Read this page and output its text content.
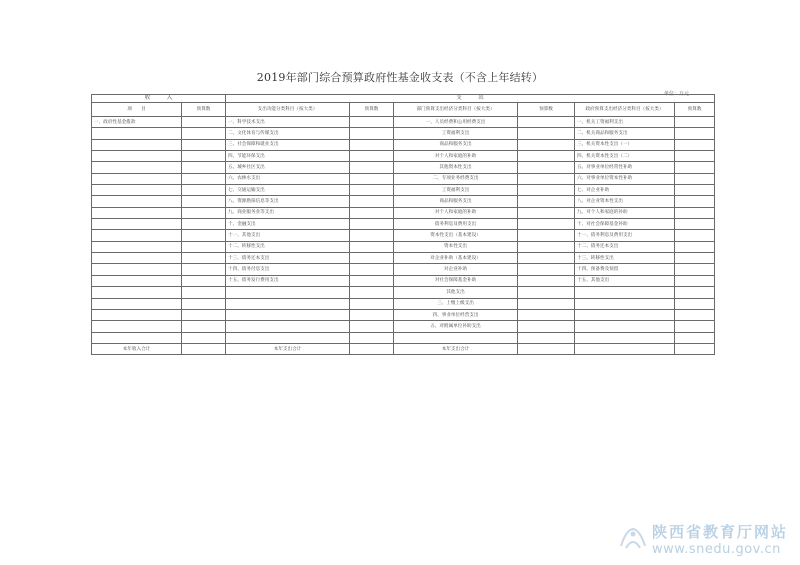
2019年部门综合预算政府性基金收支表（不含上年结转）
单位：万元
收　　　入		支　　　出					
项　　目	预算数	支出功能分类科目（按大类）	预算数	部门预算支出经济分类科目（按大类）	预算数	政府预算支出经济分类科目（按大类）	预算数
一、政府性基金拨款		一、科学技术支出		一、人员经费和公用经费支出		一、机关工资福利支出	
		二、文化体育与传媒支出		工资福利支出		二、机关商品和服务支出	
		三、社会保障和就业支出		商品和服务支出		三、机关资本性支出（一）	
		四、节能环保支出		对个人和家庭的补助		四、机关资本性支出（二）	
		五、城乡社区支出		其他资本性支出		五、对事业单位经常性补助	
		六、农林水支出		二、专项业务经费支出		六、对事业单位资本性补助	
		七、交通运输支出		工资福利支出		七、对企业补助	
		八、资源勘探信息等支出		商品和服务支出		八、对企业资本性支出	
		九、商业服务业等支出		对个人和家庭的补助		九、对个人和家庭的补助	
		十、金融支出		债务利息及费用支出		十、对社会保障基金补助	
		十一、其他支出		资本性支出（基本建设）		十一、债务利息及费用支出	
		十二、转移性支出		资本性支出		十二、债务还本支出	
		十三、债务还本支出		对企业补助（基本建设）		十三、转移性支出	
		十四、债务付息支出		对企业补助		十四、预备费及预留	
		十五、债务发行费用支出		对社会保障基金补助		十五、其他支出	
				其他支出			
				三、上缴上级支出			
				四、事业单位经营支出			
				五、对附属单位补助支出			

本年收入合计		本年支出合计		本年支出合计			
陕西省教育厅网站
www.snedu.gov.cn
